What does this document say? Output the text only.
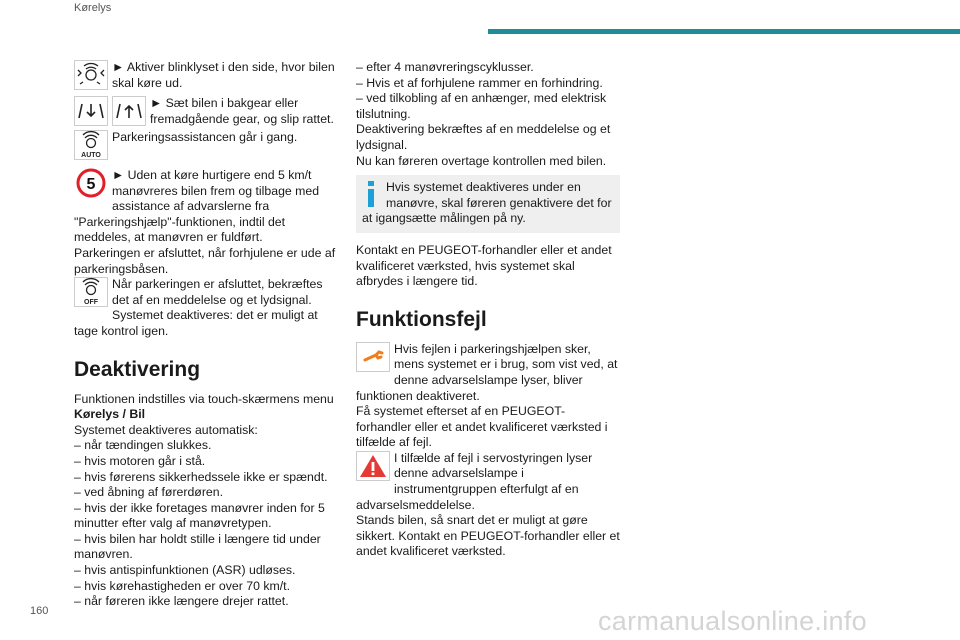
Kørelys

► Aktiver blinklyset i den side, hvor bilen skal køre ud.

► Sæt bilen i bakgear eller fremadgående gear, og slip rattet.

AUTO

Parkeringsassistancen går i gang.

5

► Uden at køre hurtigere end 5 km/t manøvreres bilen frem og tilbage med assistance af advarslerne fra "Parkeringshjælp"-funktionen, indtil det meddeles, at manøvren er fuldført.

Parkeringen er afsluttet, når forhjulene er ude af parkeringsbåsen.

OFF

Når parkeringen er afsluttet, bekræftes det af en meddelelse og et lydsignal.

Systemet deaktiveres: det er muligt at tage kontrol igen.

Deaktivering

Funktionen indstilles via touch-skærmens menu

Kørelys / Bil

Systemet deaktiveres automatisk:

– når tændingen slukkes.

– hvis motoren går i stå.

– hvis førerens sikkerhedssele ikke er spændt.

– ved åbning af førerdøren.

– hvis der ikke foretages manøvrer inden for 5 minutter efter valg af manøvretypen.

– hvis bilen har holdt stille i længere tid under manøvren.

– hvis antispinfunktionen (ASR) udløses.

– hvis kørehastigheden er over 70 km/t.

– når føreren ikke længere drejer rattet.

– efter 4 manøvreringscyklusser.

– Hvis et af forhjulene rammer en forhindring.

– ved tilkobling af en anhænger, med elektrisk tilslutning.

Deaktivering bekræftes af en meddelelse og et lydsignal.

Nu kan føreren overtage kontrollen med bilen.

Hvis systemet deaktiveres under en manøvre, skal føreren genaktivere det for at igangsætte målingen på ny.

Kontakt en PEUGEOT-forhandler eller et andet kvalificeret værksted, hvis systemet skal afbrydes i længere tid.

Funktionsfejl

Hvis fejlen i parkeringshjælpen sker, mens systemet er i brug, som vist ved, at denne advarselslampe lyser, bliver funktionen deaktiveret.

Få systemet efterset af en PEUGEOT-forhandler eller et andet kvalificeret værksted i tilfælde af fejl.

I tilfælde af fejl i servostyringen lyser denne advarselslampe i instrumentgruppen efterfulgt af en advarselsmeddelelse.

Stands bilen, så snart det er muligt at gøre sikkert. Kontakt en PEUGEOT-forhandler eller et andet kvalificeret værksted.

160	carmanualsonline.info
